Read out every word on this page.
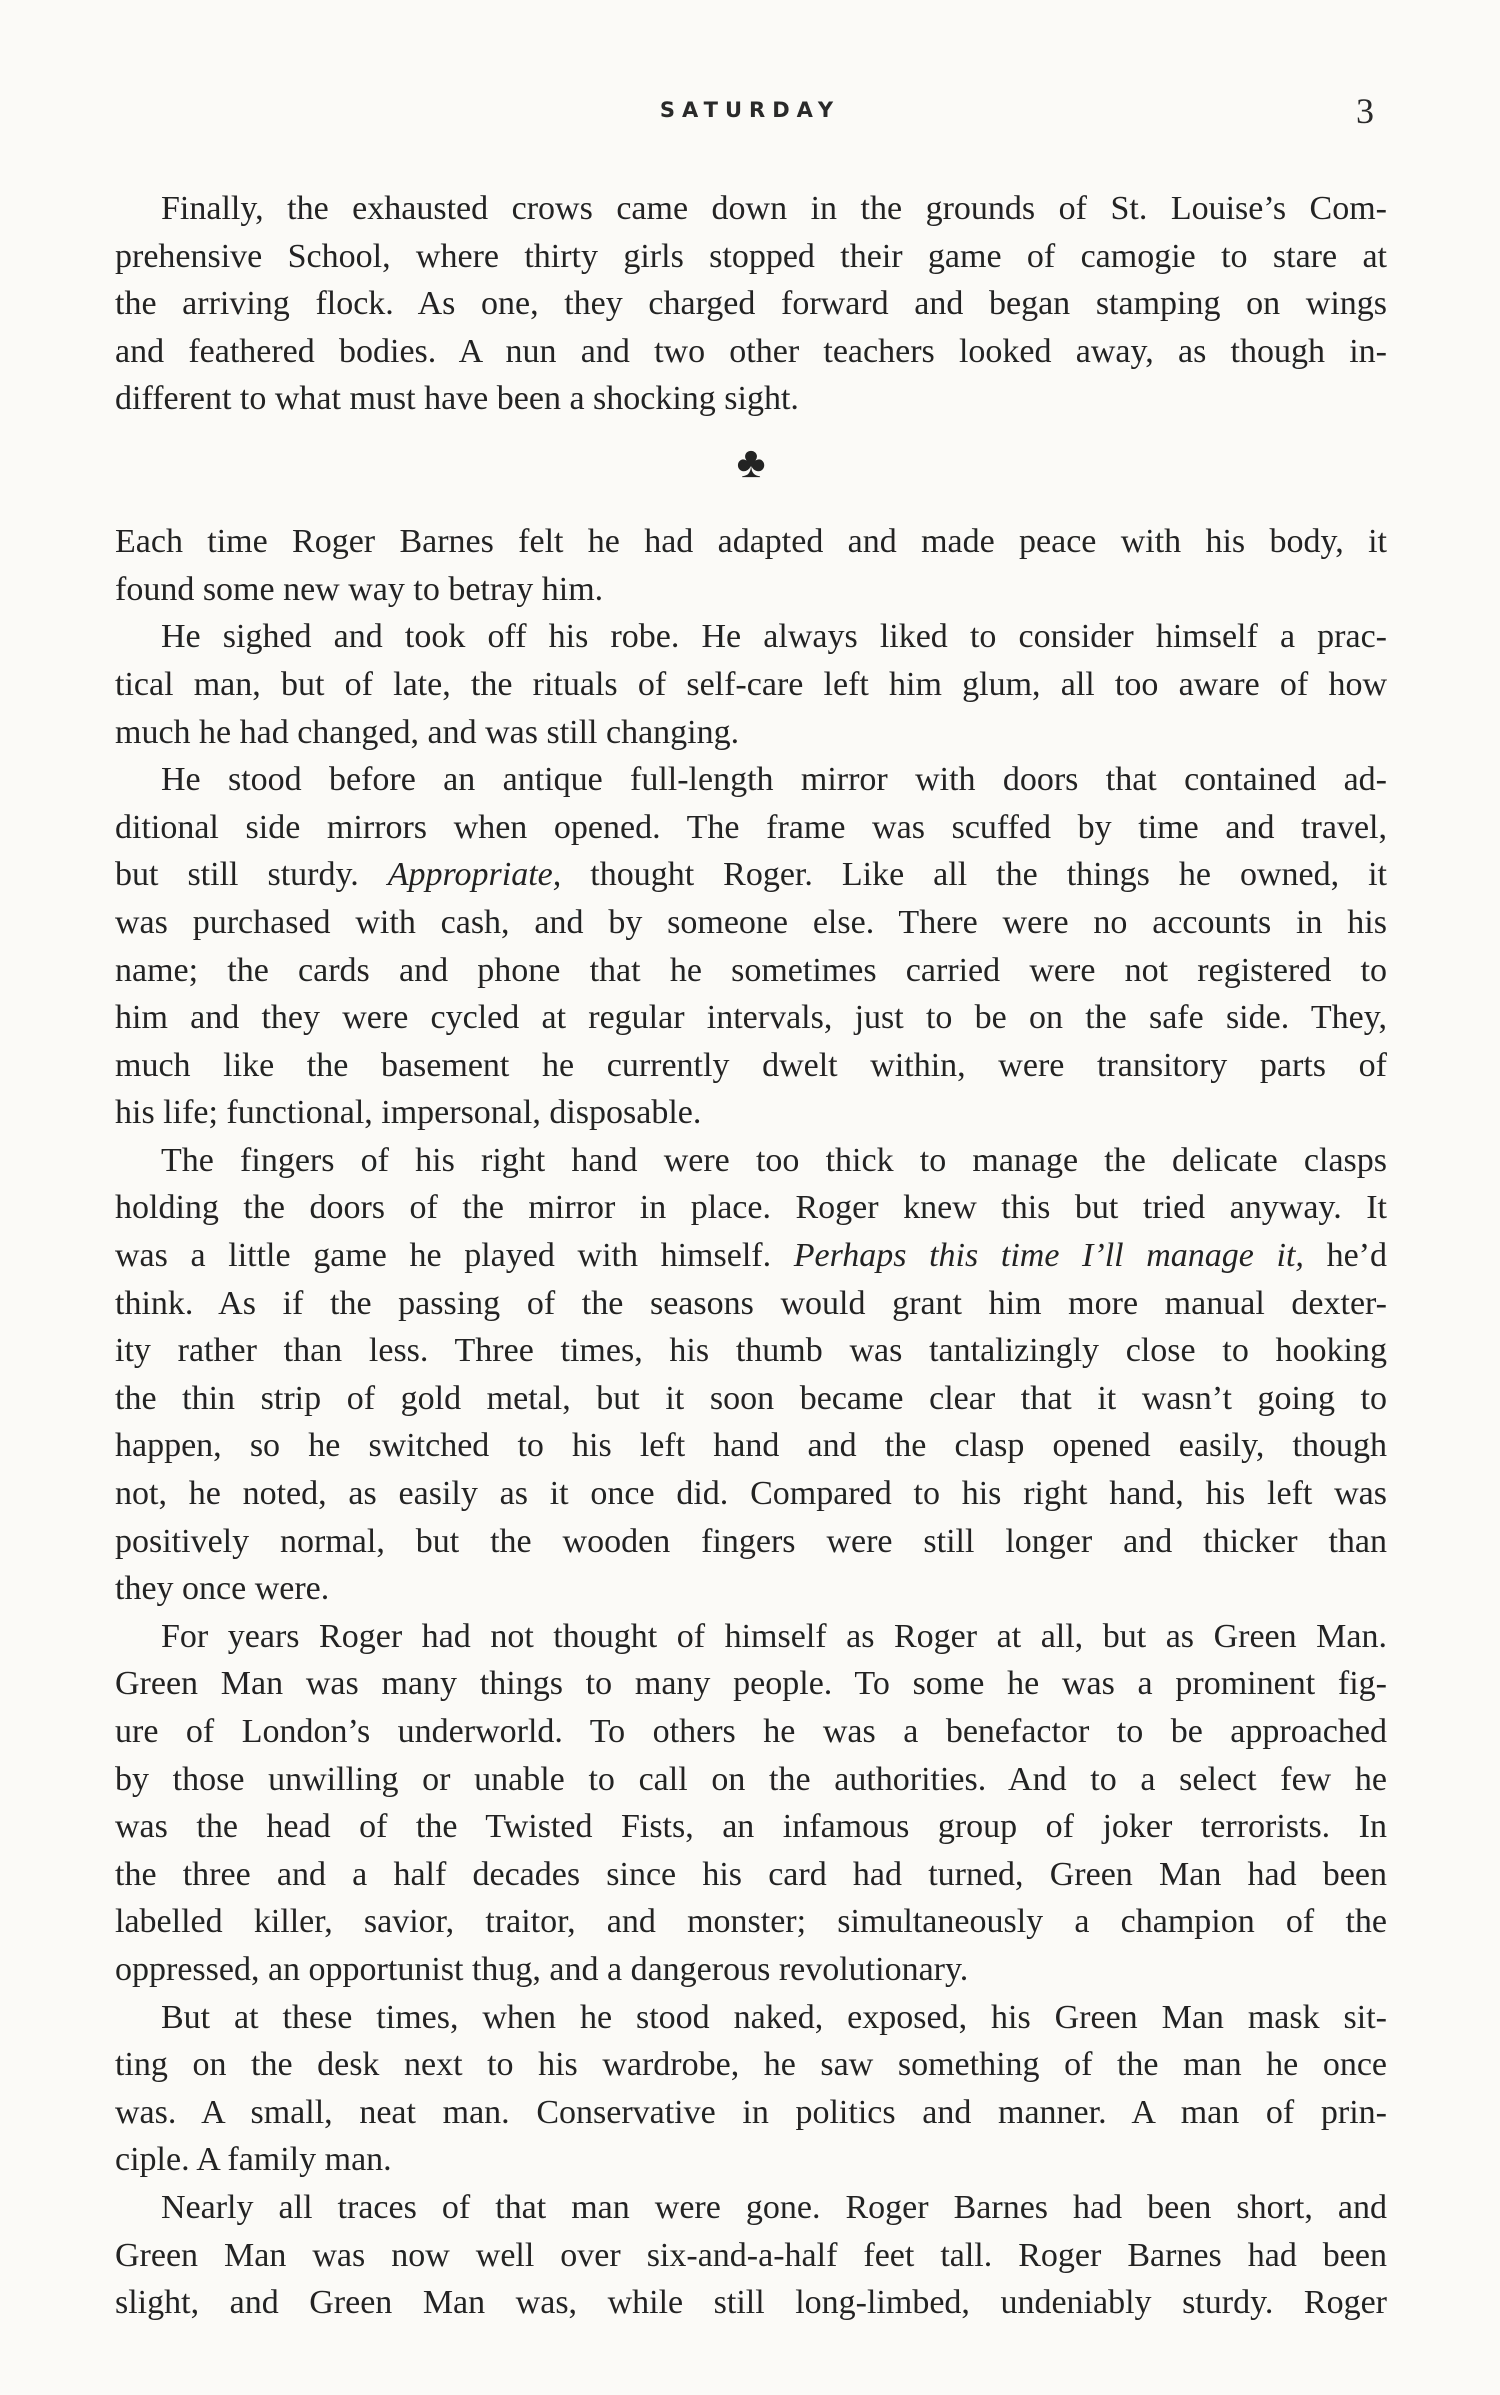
SATURDAY	3
Finally, the exhausted crows came down in the grounds of St. Louise’s Com-
prehensive School, where thirty girls stopped their game of camogie to stare at
the arriving flock. As one, they charged forward and began stamping on wings
and feathered bodies. A nun and two other teachers looked away, as though in-
different to what must have been a shocking sight.
♣
Each time Roger Barnes felt he had adapted and made peace with his body, it
found some new way to betray him.
He sighed and took off his robe. He always liked to consider himself a prac-
tical man, but of late, the rituals of self-care left him glum, all too aware of how
much he had changed, and was still changing.
He stood before an antique full-length mirror with doors that contained ad-
ditional side mirrors when opened. The frame was scuffed by time and travel,
but still sturdy. Appropriate, thought Roger. Like all the things he owned, it
was purchased with cash, and by someone else. There were no accounts in his
name; the cards and phone that he sometimes carried were not registered to
him and they were cycled at regular intervals, just to be on the safe side. They,
much like the basement he currently dwelt within, were transitory parts of
his life; functional, impersonal, disposable.
The fingers of his right hand were too thick to manage the delicate clasps
holding the doors of the mirror in place. Roger knew this but tried anyway. It
was a little game he played with himself. Perhaps this time I’ll manage it, he’d
think. As if the passing of the seasons would grant him more manual dexter-
ity rather than less. Three times, his thumb was tantalizingly close to hooking
the thin strip of gold metal, but it soon became clear that it wasn’t going to
happen, so he switched to his left hand and the clasp opened easily, though
not, he noted, as easily as it once did. Compared to his right hand, his left was
positively normal, but the wooden fingers were still longer and thicker than
they once were.
For years Roger had not thought of himself as Roger at all, but as Green Man.
Green Man was many things to many people. To some he was a prominent fig-
ure of London’s underworld. To others he was a benefactor to be approached
by those unwilling or unable to call on the authorities. And to a select few he
was the head of the Twisted Fists, an infamous group of joker terrorists. In
the three and a half decades since his card had turned, Green Man had been
labelled killer, savior, traitor, and monster; simultaneously a champion of the
oppressed, an opportunist thug, and a dangerous revolutionary.
But at these times, when he stood naked, exposed, his Green Man mask sit-
ting on the desk next to his wardrobe, he saw something of the man he once
was. A small, neat man. Conservative in politics and manner. A man of prin-
ciple. A family man.
Nearly all traces of that man were gone. Roger Barnes had been short, and
Green Man was now well over six-and-a-half feet tall. Roger Barnes had been
slight, and Green Man was, while still long-limbed, undeniably sturdy. Roger
